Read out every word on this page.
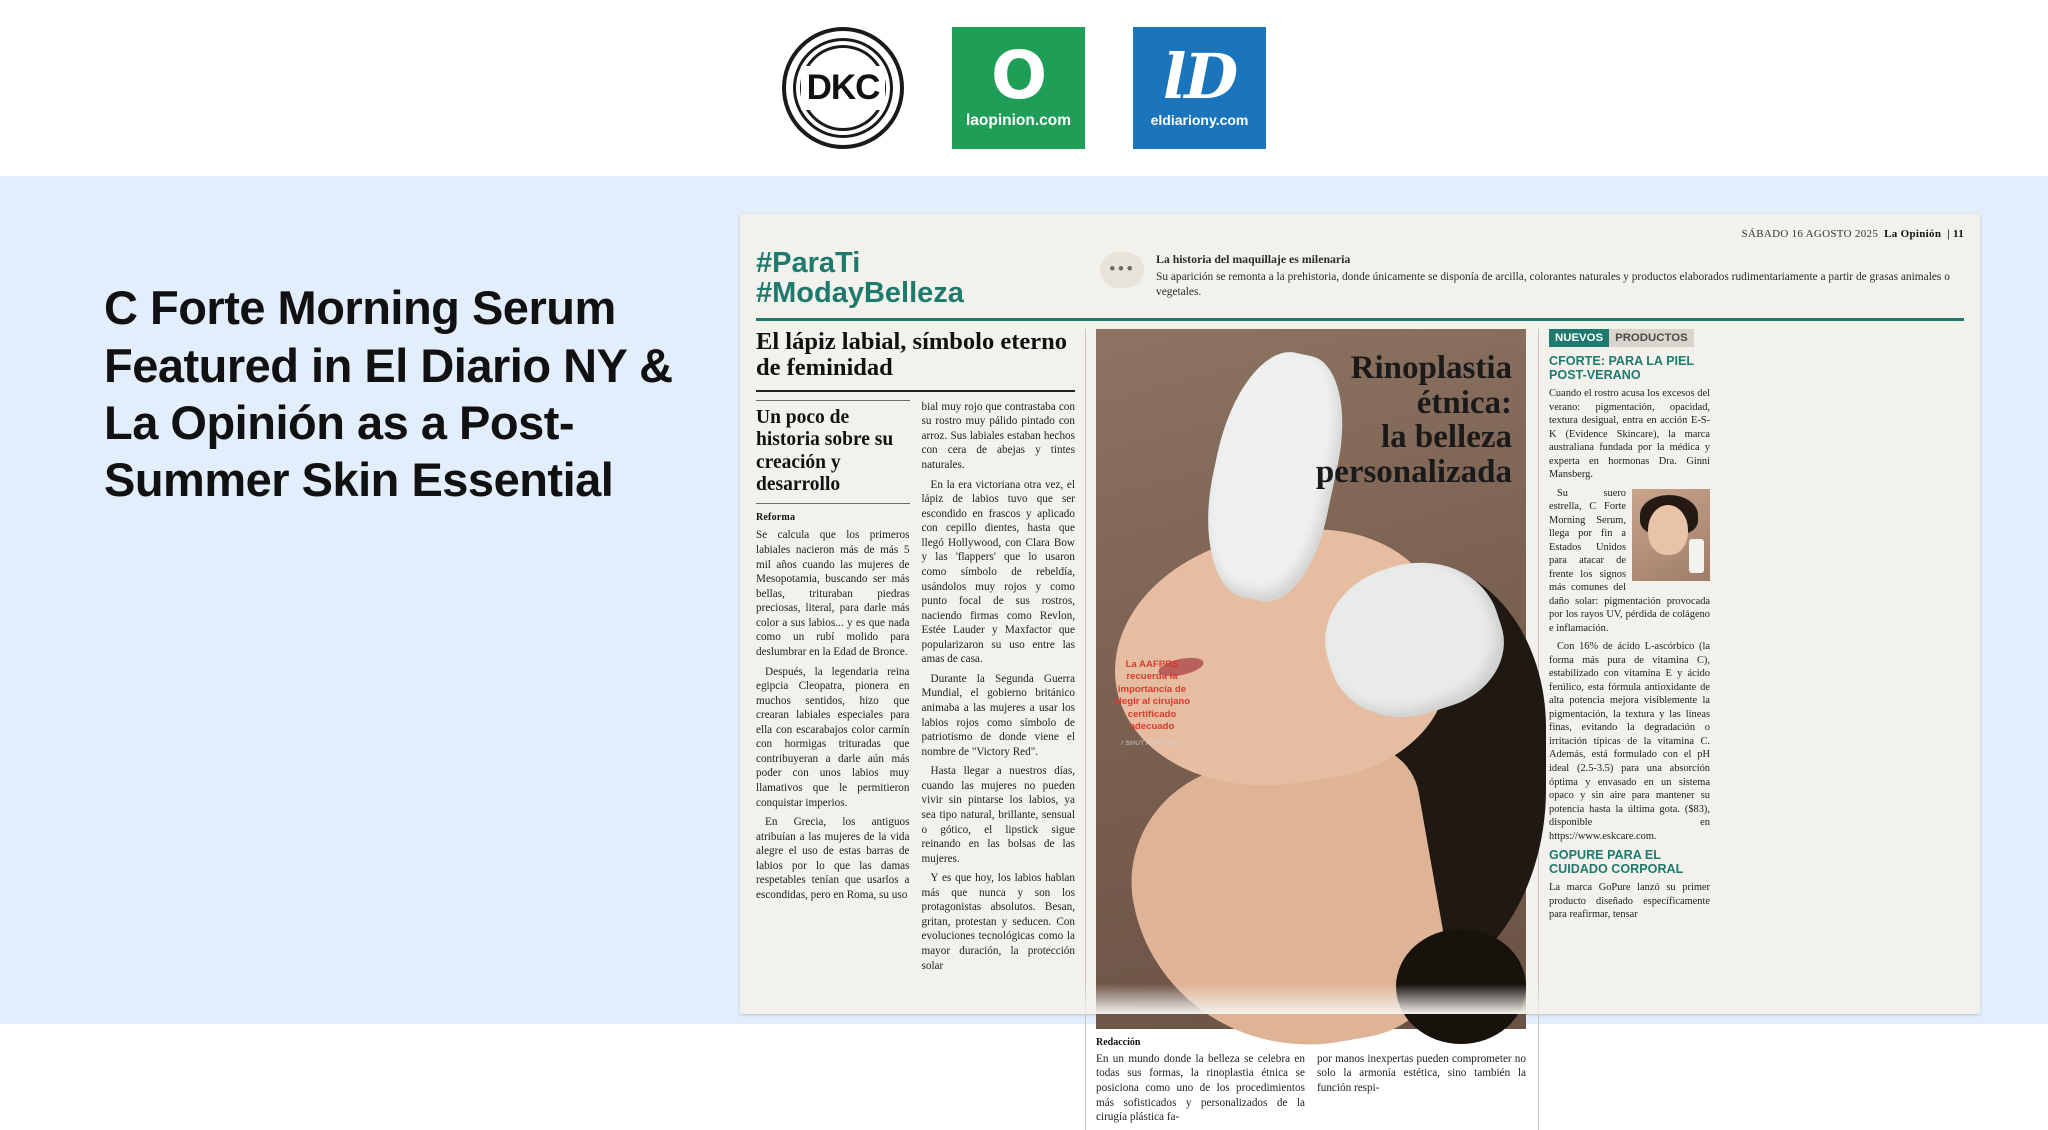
DKC O
laopinion.com
lD
eldiariony.com
C Forte Morning Serum Featured in El Diario NY & La Opinión as a Post-Summer Skin Essential
SÁBADO 16 AGOSTO 2025 La Opinión | 11
#ParaTi
#ModayBelleza
•••	La historia del maquillaje es milenaria
Su aparición se remonta a la prehistoria, donde únicamente se disponía de arcilla, colorantes naturales y productos elaborados rudimentariamente a partir de grasas animales o vegetales.
El lápiz labial, símbolo eterno de feminidad
Un poco de historia sobre su creación y desarrollo
Reforma

Se calcula que los primeros labiales nacieron más de más 5 mil años cuando las mujeres de Mesopotamia, buscando ser más bellas, trituraban piedras preciosas, literal, para darle más color a sus labios... y es que nada como un rubí molido para deslumbrar en la Edad de Bronce.

Después, la legendaria reina egipcia Cleopatra, pionera en muchos sentidos, hizo que crearan labiales especiales para ella con escarabajos color carmín con hormigas trituradas que contribuyeran a darle aún más poder con unos labios muy llamativos que le permitieron conquistar imperios.

En Grecia, los antiguos atribuían a las mujeres de la vida alegre el uso de estas barras de labios por lo que las damas respetables tenían que usarlos a escondidas, pero en Roma, su uso

bial muy rojo que contrastaba con su rostro muy pálido pintado con arroz. Sus labiales estaban hechos con cera de abejas y tintes naturales.

En la era victoriana otra vez, el lápiz de labios tuvo que ser escondido en frascos y aplicado con cepillo dientes, hasta que llegó Hollywood, con Clara Bow y las 'flappers' que lo usaron como símbolo de rebeldía, usándolos muy rojos y como punto focal de sus rostros, naciendo firmas como Revlon, Estée Lauder y Maxfactor que popularizaron su uso entre las amas de casa.

Durante la Segunda Guerra Mundial, el gobierno británico animaba a las mujeres a usar los labios rojos como símbolo de patriotismo de donde viene el nombre de "Victory Red".

Hasta llegar a nuestros días, cuando las mujeres no pueden vivir sin pintarse los labios, ya sea tipo natural, brillante, sensual o gótico, el lipstick sigue reinando en las bolsas de las mujeres.

Y es que hoy, los labios hablan más que nunca y son los protagonistas absolutos. Besan, gritan, protestan y seducen. Con evoluciones tecnológicas como la mayor duración, la protección solar

Rinoplastia
étnica:
la belleza
personalizada
La AAFPRS recuerda la importancia de elegir al cirujano certificado adecuado
/ SHUTTERSTOCK
Redacción

En un mundo donde la belleza se celebra en todas sus formas, la rinoplastia étnica se posiciona como uno de los procedimientos más sofisticados y personalizados de la cirugía plástica fa-

por manos inexpertas pueden comprometer no solo la armonía estética, sino también la función respi-

NUEVOS	PRODUCTOS
CFORTE: PARA LA PIEL POST-VERANO

Cuando el rostro acusa los excesos del verano: pigmentación, opacidad, textura desigual, entra en acción E-S-K (Evidence Skincare), la marca australiana fundada por la médica y experta en hormonas Dra. Ginni Mansberg.

Su suero estrella, C Forte Morning Serum, llega por fin a Estados Unidos para atacar de frente los signos más comunes del daño solar: pigmentación provocada por los rayos UV, pérdida de colágeno e inflamación.

Con 16% de ácido L-ascórbico (la forma más pura de vitamina C), estabilizado con vitamina E y ácido ferúlico, esta fórmula antioxidante de alta potencia mejora visiblemente la pigmentación, la textura y las líneas finas, evitando la degradación o irritación típicas de la vitamina C. Además, está formulado con el pH ideal (2.5-3.5) para una absorción óptima y envasado en un sistema opaco y sin aire para mantener su potencia hasta la última gota. ($83), disponible en https://www.eskcare.com.

GOPURE PARA EL CUIDADO CORPORAL

La marca GoPure lanzó su primer producto diseñado específicamente para reafirmar, tensar
